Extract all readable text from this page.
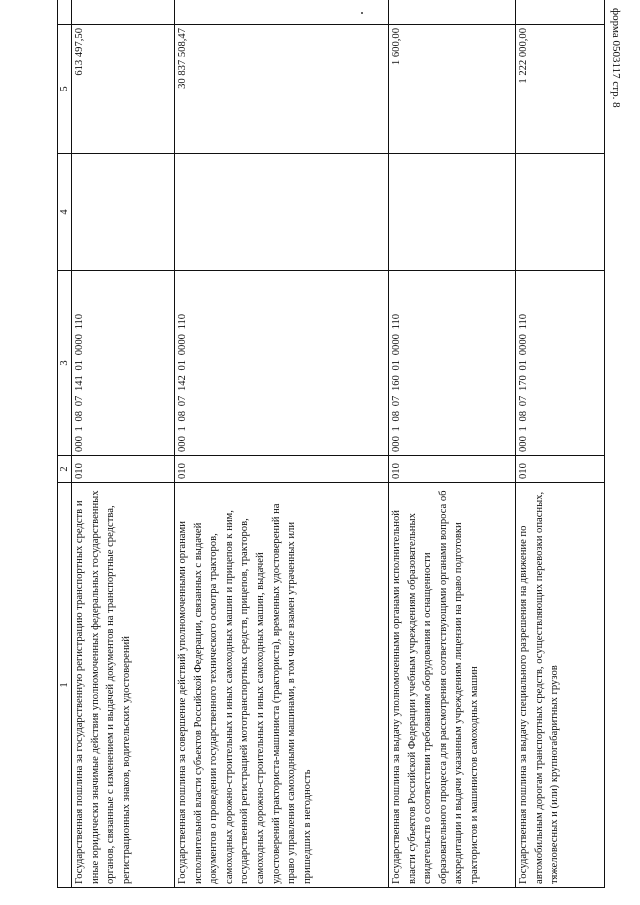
форма 0503117 стр. 8
1	2	3	4	5	

Государственная пошлина за государственную регистрацию транспортных средств и иные юридически значимые действия уполномоченных федеральных государственных органов, связанные с изменением и выдачей документов на транспортные средства, регистрационных знаков, водительских удостоверений	010	000 1 08 07 141 01 0000 110		613 497,50	

Государственная пошлина за совершение действий уполномоченными органами исполнительной власти субъектов Российской Федерации, связанных с выдачей документов о проведении государственного технического осмотра тракторов, самоходных дорожно-строительных и иных самоходных машин и прицепов к ним, государственной регистрацией мототранспортных средств, прицепов, тракторов, самоходных дорожно-строительных и иных самоходных машин, выдачей удостоверений тракториста-машиниста (тракториста), временных удостоверений на право управления самоходными машинами, в том числе взамен утраченных или пришедших в негодность	010	000 1 08 07 142 01 0000 110		30 837 508,47	

Государственная пошлина за выдачу уполномоченными органами исполнительной власти субъектов Российской Федерации учебным учреждениям образовательных свидетельств о соответствии требованиям оборудования и оснащенности образовательного процесса для рассмотрения соответствующими органами вопроса об аккредитации и выдачи указанным учреждениям лицензии на право подготовки трактористов и машинистов самоходных машин	010	000 1 08 07 160 01 0000 110		1 600,00	

Государственная пошлина за выдачу специального разрешения на движение по автомобильным дорогам транспортных средств, осуществляющих перевозки опасных, тяжеловесных и (или) крупногабаритных грузов	010	000 1 08 07 170 01 0000 110		1 222 000,00	
